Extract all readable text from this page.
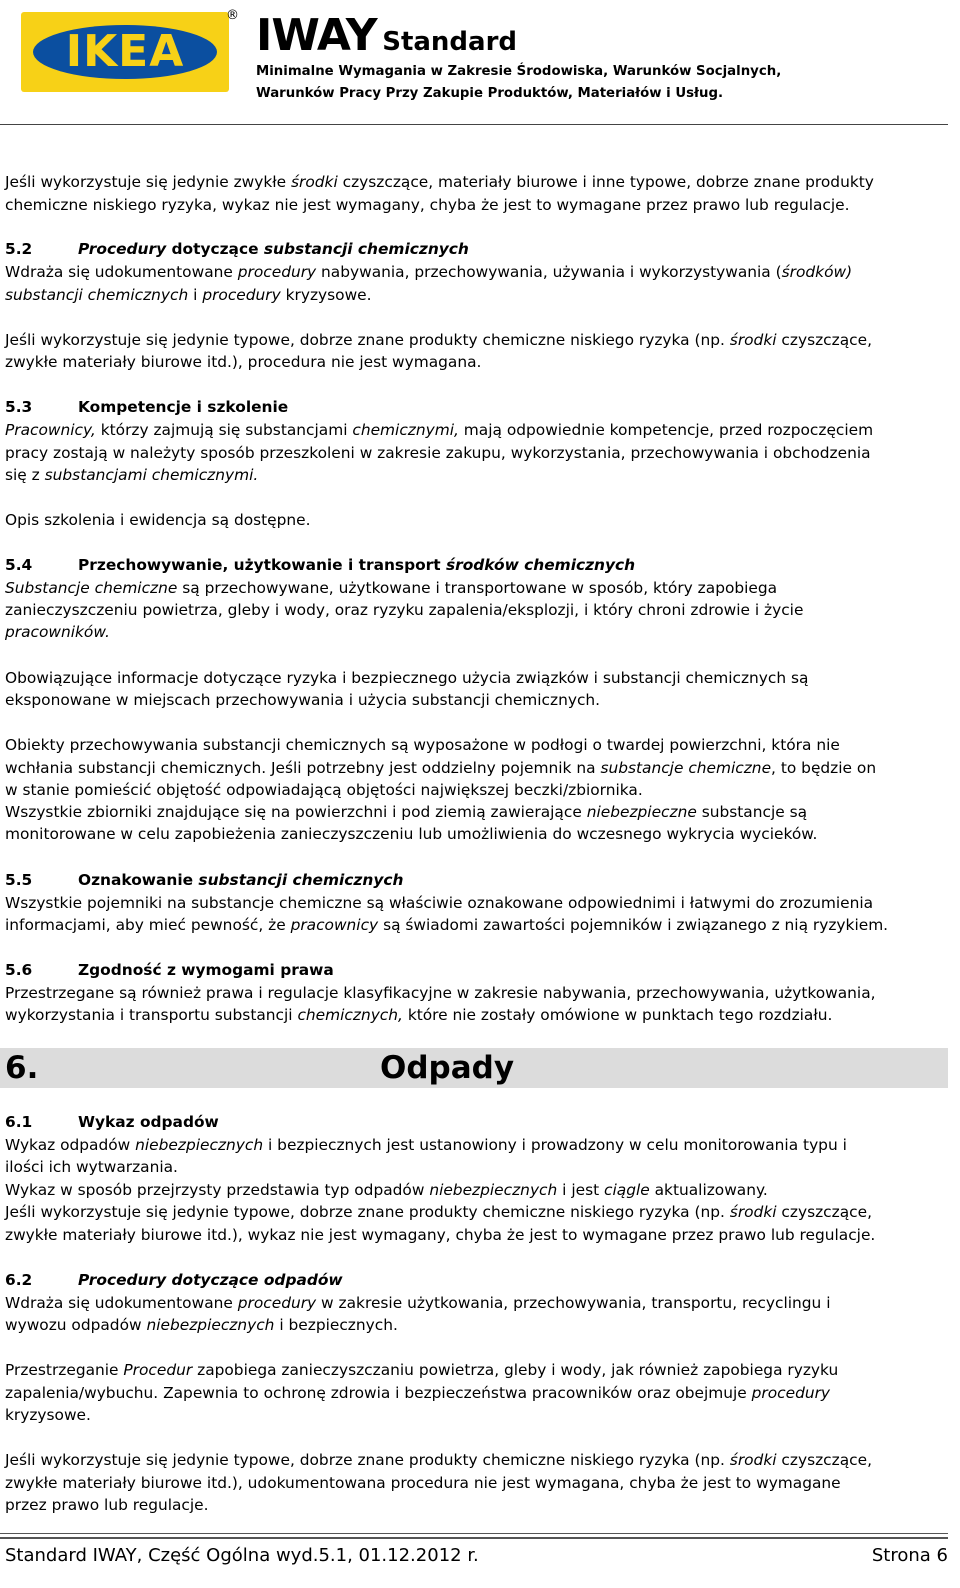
IKEA
® IWAY Standard
Minimalne Wymagania w Zakresie Środowiska, Warunków Socjalnych,
Warunków Pracy Przy Zakupie Produktów, Materiałów i Usług.
Jeśli wykorzystuje się jedynie zwykłe środki czyszczące, materiały biurowe i inne typowe, dobrze znane produkty
chemiczne niskiego ryzyka, wykaz nie jest wymagany, chyba że jest to wymagane przez prawo lub regulacje.
5.2	Procedury dotyczące substancji chemicznych
Wdraża się udokumentowane procedury nabywania, przechowywania, używania i wykorzystywania (środków)
substancji chemicznych i procedury kryzysowe.
Jeśli wykorzystuje się jedynie typowe, dobrze znane produkty chemiczne niskiego ryzyka (np. środki czyszczące,
zwykłe materiały biurowe itd.), procedura nie jest wymagana.
5.3	Kompetencje i szkolenie
Pracownicy, którzy zajmują się substancjami chemicznymi, mają odpowiednie kompetencje, przed rozpoczęciem
pracy zostają w należyty sposób przeszkoleni w zakresie zakupu, wykorzystania, przechowywania i obchodzenia
się z substancjami chemicznymi.
Opis szkolenia i ewidencja są dostępne.
5.4	Przechowywanie, użytkowanie i transport środków chemicznych
Substancje chemiczne są przechowywane, użytkowane i transportowane w sposób, który zapobiega
zanieczyszczeniu powietrza, gleby i wody, oraz ryzyku zapalenia/eksplozji, i który chroni zdrowie i życie
pracowników.
Obowiązujące informacje dotyczące ryzyka i bezpiecznego użycia związków i substancji chemicznych są
eksponowane w miejscach przechowywania i użycia substancji chemicznych.
Obiekty przechowywania substancji chemicznych są wyposażone w podłogi o twardej powierzchni, która nie
wchłania substancji chemicznych. Jeśli potrzebny jest oddzielny pojemnik na substancje chemiczne, to będzie on
w stanie pomieścić objętość odpowiadającą objętości największej beczki/zbiornika.
Wszystkie zbiorniki znajdujące się na powierzchni i pod ziemią zawierające niebezpieczne substancje są
monitorowane w celu zapobieżenia zanieczyszczeniu lub umożliwienia do wczesnego wykrycia wycieków.
5.5	Oznakowanie substancji chemicznych
Wszystkie pojemniki na substancje chemiczne są właściwie oznakowane odpowiednimi i łatwymi do zrozumienia
informacjami, aby mieć pewność, że pracownicy są świadomi zawartości pojemników i związanego z nią ryzykiem.
5.6	Zgodność z wymogami prawa
Przestrzegane są również prawa i regulacje klasyfikacyjne w zakresie nabywania, przechowywania, użytkowania,
wykorzystania i transportu substancji chemicznych, które nie zostały omówione w punktach tego rozdziału.
6.	Odpady
6.1	Wykaz odpadów
Wykaz odpadów niebezpiecznych i bezpiecznych jest ustanowiony i prowadzony w celu monitorowania typu i
ilości ich wytwarzania.
Wykaz w sposób przejrzysty przedstawia typ odpadów niebezpiecznych i jest ciągle aktualizowany.
Jeśli wykorzystuje się jedynie typowe, dobrze znane produkty chemiczne niskiego ryzyka (np. środki czyszczące,
zwykłe materiały biurowe itd.), wykaz nie jest wymagany, chyba że jest to wymagane przez prawo lub regulacje.
6.2	Procedury dotyczące odpadów
Wdraża się udokumentowane procedury w zakresie użytkowania, przechowywania, transportu, recyclingu i
wywozu odpadów niebezpiecznych i bezpiecznych.
Przestrzeganie Procedur zapobiega zanieczyszczaniu powietrza, gleby i wody, jak również zapobiega ryzyku
zapalenia/wybuchu. Zapewnia to ochronę zdrowia i bezpieczeństwa pracowników oraz obejmuje procedury
kryzysowe.
Jeśli wykorzystuje się jedynie typowe, dobrze znane produkty chemiczne niskiego ryzyka (np. środki czyszczące,
zwykłe materiały biurowe itd.), udokumentowana procedura nie jest wymagana, chyba że jest to wymagane
przez prawo lub regulacje.
Standard IWAY, Część Ogólna wyd.5.1, 01.12.2012 r.	Strona 6
